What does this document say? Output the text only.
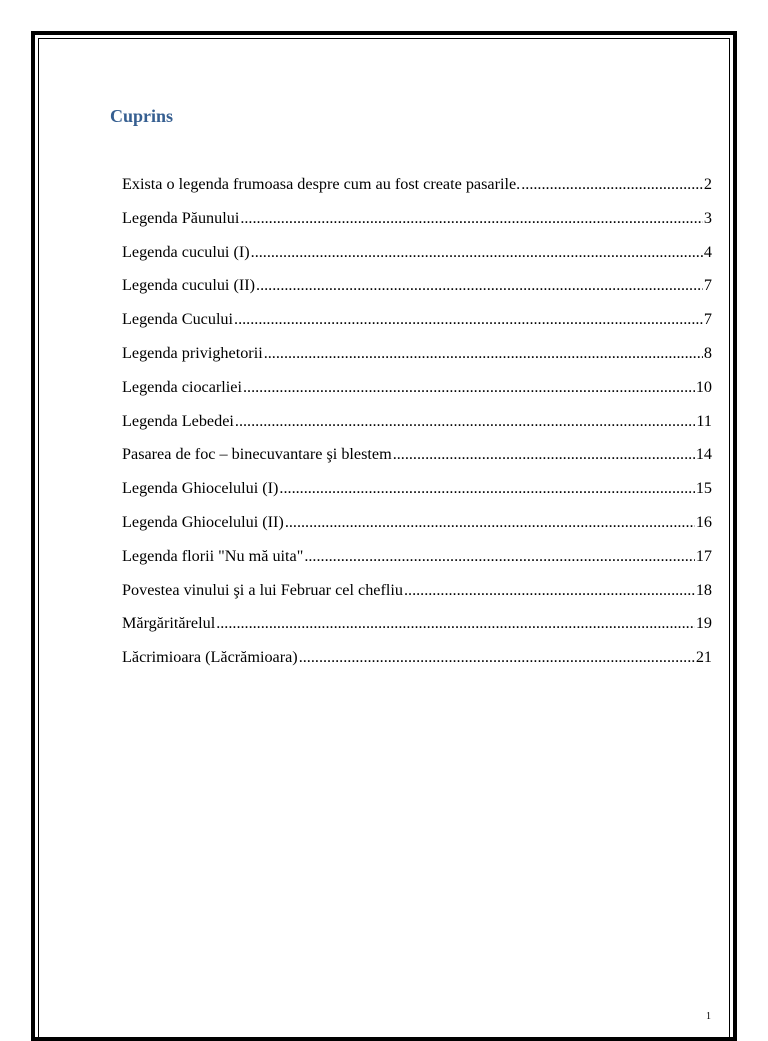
Cuprins
Exista o legenda frumoasa despre cum au fost create pasarile. .....	2
Legenda Păunului .....	3
Legenda cucului (I) .....	4
Legenda cucului (II) .....	7
Legenda Cucului .....	7
Legenda privighetorii .....	8
Legenda ciocarliei .....	10
Legenda Lebedei .....	11
Pasarea de foc – binecuvantare şi blestem .....	14
Legenda Ghiocelului (I) .....	15
Legenda Ghiocelului (II) .....	16
Legenda florii "Nu mă uita" .....	17
Povestea vinului şi a lui Februar cel chefliu .....	18
Mărgăritărelul .....	19
Lăcrimioara (Lăcrămioara) .....	21
1
